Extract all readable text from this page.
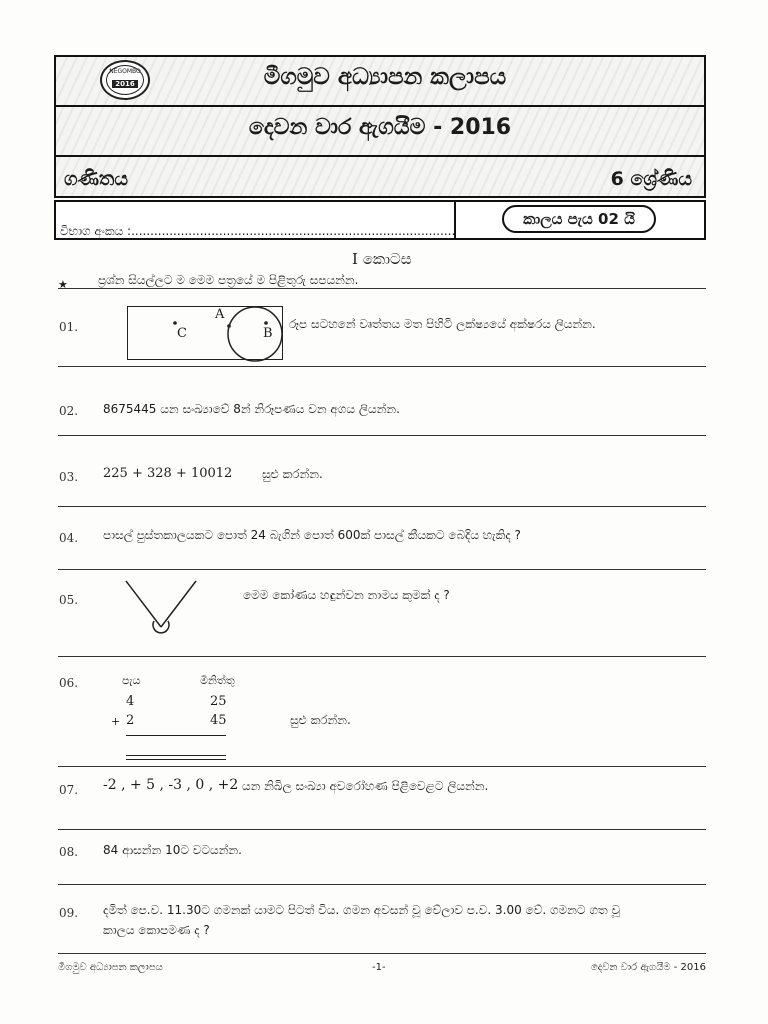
NEGOMBO
2016	මීගමුව අධ්‍යාපන කලාපය
දෙවන වාර ඇගයීම - 2016
ගණිතය	6 ශ්‍රේණිය
විභාග අංකය :.....................................................................................
කාලය පැය 02 යි
I කොටස
★	ප්‍රශ්න සියල්ලට ම මෙම පත්‍රයේ ම පිළිතුරු සපයන්න.
01.
A
B
C
රූප සටහනේ වෘත්තය මත පිහිටි ලක්ෂ්‍යයේ අක්ෂරය ලියන්න.
02. 8675445 යන සංඛ්‍යාවේ 8න් නිරූපණය වන අගය ලියන්න.
03. 225 + 328 + 10012 සුළු කරන්න.
04. පාසල් පුස්තකාලයකට පොත් 24 බැගින් පොත් 600ක් පාසල් කීයකට බෙදිය හැකිද ?
05.	මෙම කෝණය හඳුන්වන නාමය කුමක් ද ?
06.	පැය	මිනිත්තු
4	25
+ 2	45	සුළු කරන්න.
07. -2 , + 5 , -3 , 0 , +2 යන නිඛිල සංඛ්‍යා අවරෝහණ පිළිවෙළට ලියන්න.
08. 84 ආසන්න 10ට වටයන්න.
09. දමිත් පෙ.ව. 11.30ට ගමනක් යාමට පිටත් විය. ගමන අවසන් වූ වේලාව ප.ව. 3.00 වේ. ගමනට ගත වූ
කාලය කොපමණ ද ?
මීගමුව අධ්‍යාපන කලාපය	-1-	දෙවන වාර ඇගයීම - 2016
